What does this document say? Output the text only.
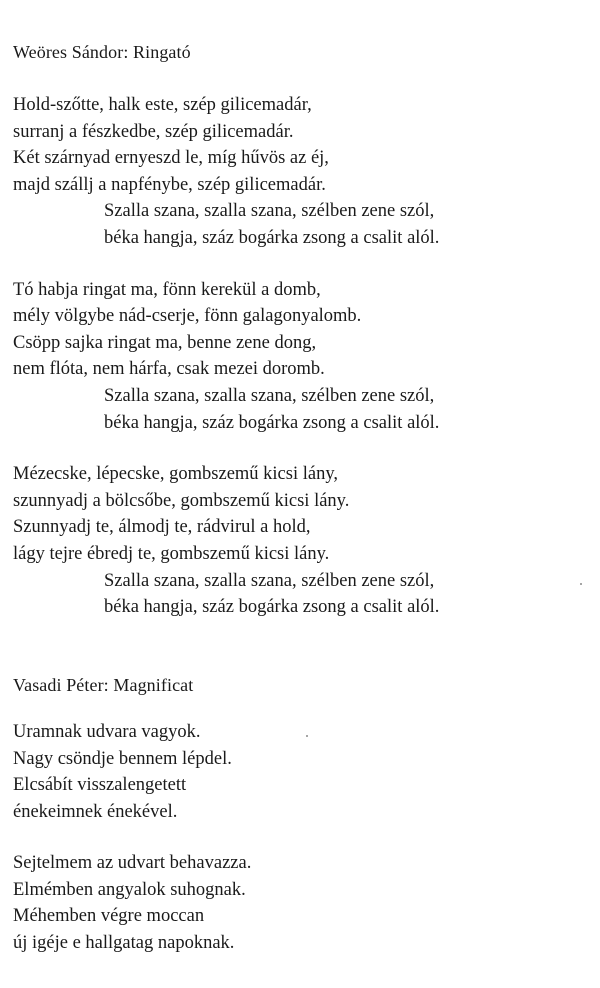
Weöres Sándor: Ringató

Hold-szőtte, halk este, szép gilicemadár,

surranj a fészkedbe, szép gilicemadár.

Két szárnyad ernyeszd le, míg hűvös az éj,

majd szállj a napfénybe, szép gilicemadár.

Szalla szana, szalla szana, szélben zene szól,

béka hangja, száz bogárka zsong a csalit alól.

Tó habja ringat ma, fönn kerekül a domb,

mély völgybe nád-cserje, fönn galagonyalomb.

Csöpp sajka ringat ma, benne zene dong,

nem flóta, nem hárfa, csak mezei doromb.

Szalla szana, szalla szana, szélben zene szól,

béka hangja, száz bogárka zsong a csalit alól.

Mézecske, lépecske, gombszemű kicsi lány,

szunnyadj a bölcsőbe, gombszemű kicsi lány.

Szunnyadj te, álmodj te, rádvirul a hold,

lágy tejre ébredj te, gombszemű kicsi lány.

Szalla szana, szalla szana, szélben zene szól,

béka hangja, száz bogárka zsong a csalit alól.

Vasadi Péter: Magnificat

Uramnak udvara vagyok.

Nagy csöndje bennem lépdel.

Elcsábít visszalengetett

énekeimnek énekével.

Sejtelmem az udvart behavazza.

Elmémben angyalok suhognak.

Méhemben végre moccan

új igéje e hallgatag napoknak.
